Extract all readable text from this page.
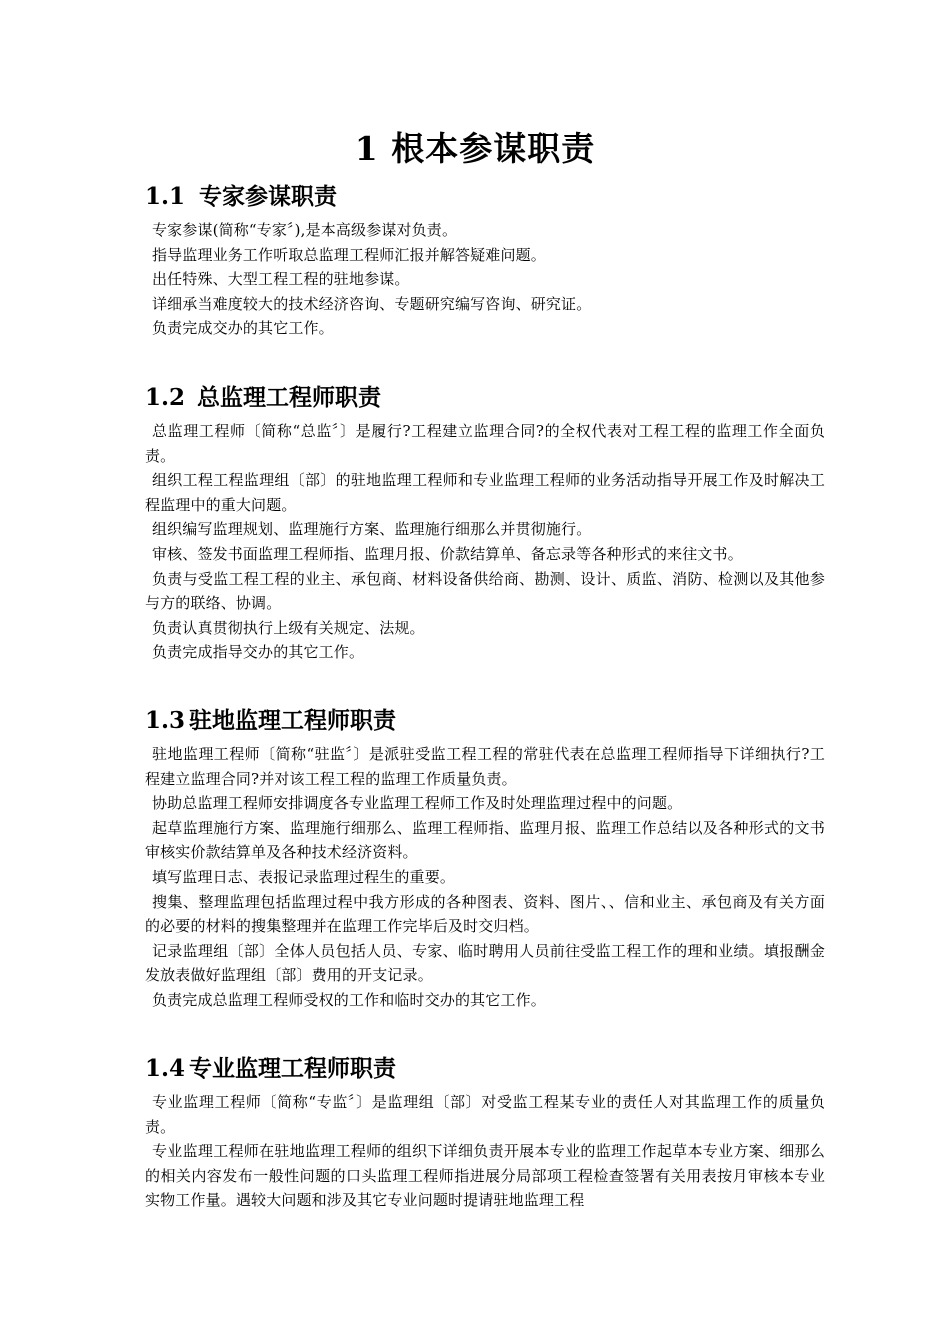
1 根本参谋职责
1.1 专家参谋职责

专家参谋(简称“专家〞),是本高级参谋对负责。

指导监理业务工作听取总监理工程师汇报并解答疑难问题。

出任特殊、大型工程工程的驻地参谋。

详细承当难度较大的技术经济咨询、专题研究编写咨询、研究证。

负责完成交办的其它工作。

1.2 总监理工程师职责

总监理工程师〔简称“总监〞〕是履行?工程建立监理合同?的全权代表对工程工程的监理工作全面负责。

组织工程工程监理组〔部〕的驻地监理工程师和专业监理工程师的业务活动指导开展工作及时解决工程监理中的重大问题。

组织编写监理规划、监理施行方案、监理施行细那么并贯彻施行。

审核、签发书面监理工程师指、监理月报、价款结算单、备忘录等各种形式的来往文书。

负责与受监工程工程的业主、承包商、材料设备供给商、勘测、设计、质监、消防、检测以及其他参与方的联络、协调。

负责认真贯彻执行上级有关规定、法规。

负责完成指导交办的其它工作。

1.3 驻地监理工程师职责

驻地监理工程师〔简称“驻监〞〕是派驻受监工程工程的常驻代表在总监理工程师指导下详细执行?工程建立监理合同?并对该工程工程的监理工作质量负责。

协助总监理工程师安排调度各专业监理工程师工作及时处理监理过程中的问题。

起草监理施行方案、监理施行细那么、监理工程师指、监理月报、监理工作总结以及各种形式的文书审核实价款结算单及各种技术经济资料。

填写监理日志、表报记录监理过程生的重要。

搜集、整理监理包括监理过程中我方形成的各种图表、资料、图片、、信和业主、承包商及有关方面的必要的材料的搜集整理并在监理工作完毕后及时交归档。

记录监理组〔部〕全体人员包括人员、专家、临时聘用人员前往受监工程工作的理和业绩。填报酬金发放表做好监理组〔部〕费用的开支记录。

负责完成总监理工程师受权的工作和临时交办的其它工作。

1.4 专业监理工程师职责

专业监理工程师〔简称“专监〞〕是监理组〔部〕对受监工程某专业的责任人对其监理工作的质量负责。

专业监理工程师在驻地监理工程师的组织下详细负责开展本专业的监理工作起草本专业方案、细那么的相关内容发布一般性问题的口头监理工程师指进展分局部项工程检查签署有关用表按月审核本专业实物工作量。遇较大问题和涉及其它专业问题时提请驻地监理工程
